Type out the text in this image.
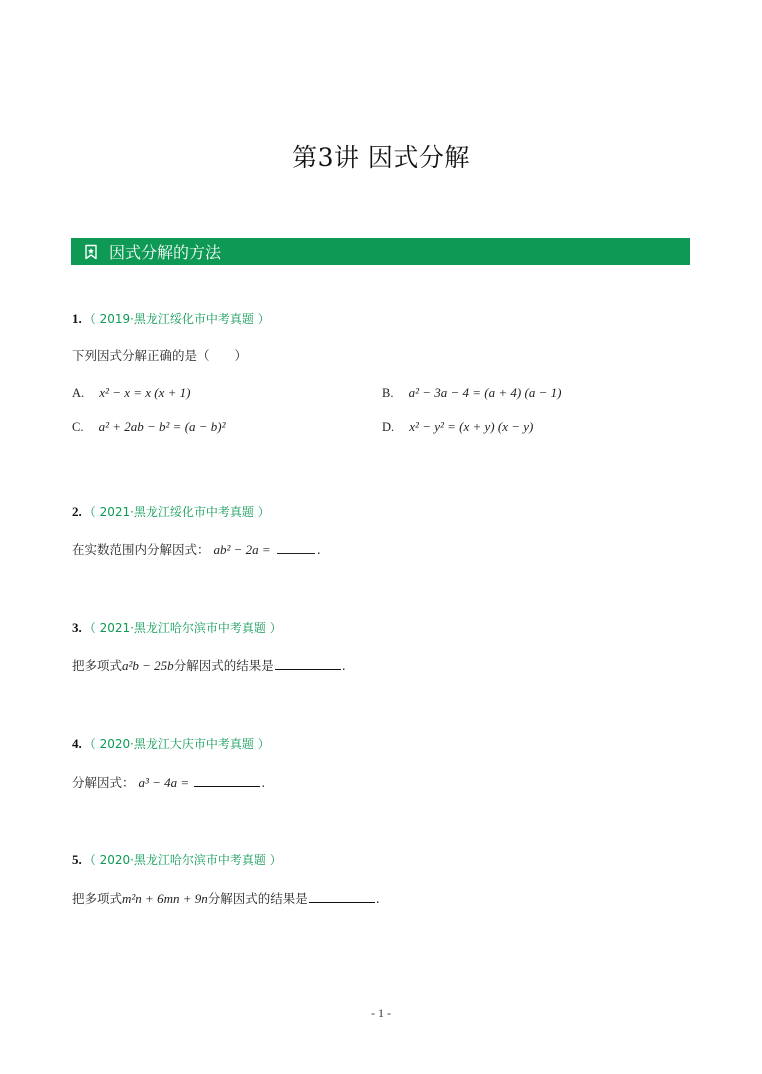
第3讲 因式分解
因式分解的方法
1. （ 2019·黑龙江绥化市中考真题 ）
下列因式分解正确的是（　　）
A. x² − x = x (x + 1)	B. a² − 3a − 4 = (a + 4) (a − 1)
C. a² + 2ab − b² = (a − b)²	D. x² − y² = (x + y) (x − y)
2. （ 2021·黑龙江绥化市中考真题 ）
在实数范围内分解因式： ab² − 2a =	.
3. （ 2021·黑龙江哈尔滨市中考真题 ）
把多项式a²b − 25b分解因式的结果是	.
4. （ 2020·黑龙江大庆市中考真题 ）
分解因式： a³ − 4a =	.
5. （ 2020·黑龙江哈尔滨市中考真题 ）
把多项式m²n + 6mn + 9n分解因式的结果是	.
- 1 -
